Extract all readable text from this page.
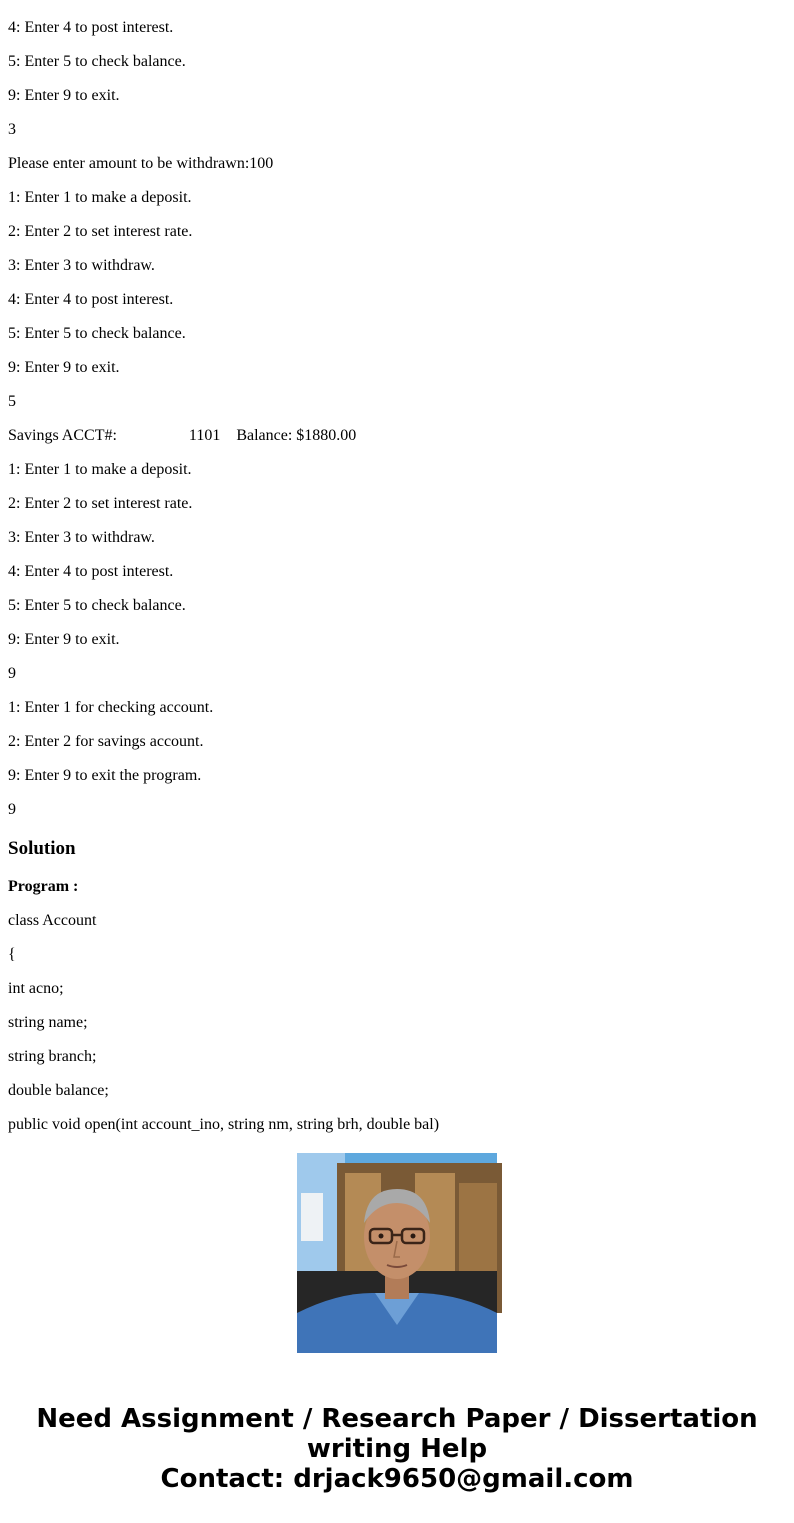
4: Enter 4 to post interest.
5: Enter 5 to check balance.
9: Enter 9 to exit.
3
Please enter amount to be withdrawn:100
1: Enter 1 to make a deposit.
2: Enter 2 to set interest rate.
3: Enter 3 to withdraw.
4: Enter 4 to post interest.
5: Enter 5 to check balance.
9: Enter 9 to exit.
5
Savings ACCT#:	1101 Balance: $1880.00
1: Enter 1 to make a deposit.
2: Enter 2 to set interest rate.
3: Enter 3 to withdraw.
4: Enter 4 to post interest.
5: Enter 5 to check balance.
9: Enter 9 to exit.
9
1: Enter 1 for checking account.
2: Enter 2 for savings account.
9: Enter 9 to exit the program.
9
Solution
Program :
class Account
{
int acno;
string name;
string branch;
double balance;
public void open(int account_ino, string nm, string brh, double bal)
Need Assignment / Research Paper / Dissertation
writing Help
Contact: drjack9650@gmail.com
